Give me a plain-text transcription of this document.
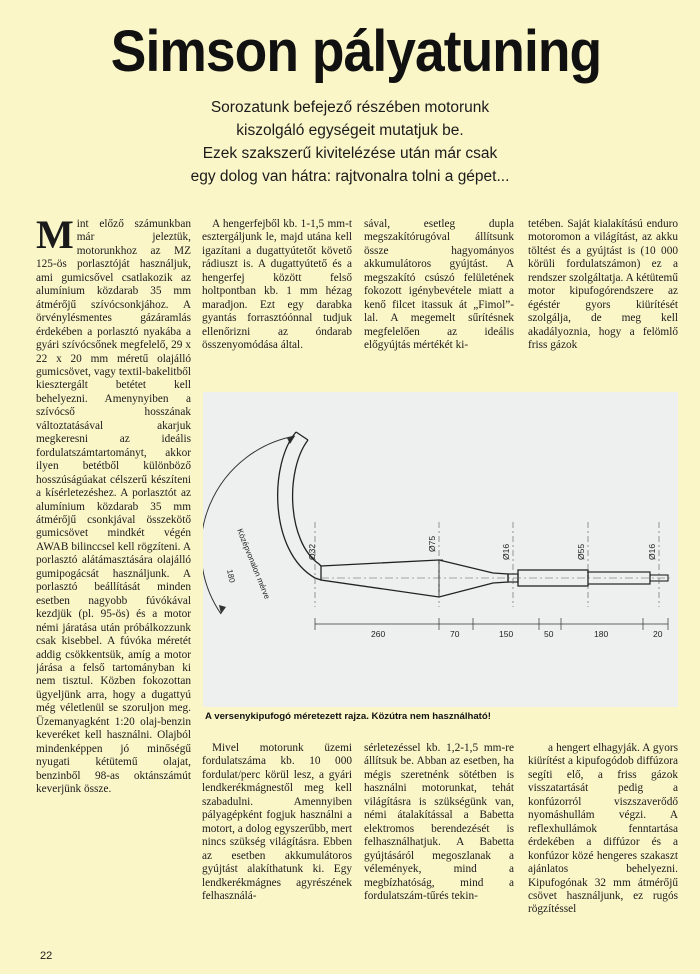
Simson pályatuning
Sorozatunk befejező részében motorunk
kiszolgáló egységeit mutatjuk be.
Ezek szakszerű kivitelézése után már csak
egy dolog van hátra: rajtvonalra tolni a gépet...

Mint előző számunkban már jeleztük, motorunkhoz az MZ 125-ös porlasztóját használjuk, ami gumicsővel csatlakozik az alumínium közdarab 35 mm átmérőjű szívócsonkjához. A örvénylésmentes gázáramlás érdekében a porlasztó nyakába a gyári szívócsőnek megfelelő, 29 x 22 x 20 mm méretű olajálló gumicsövet, vagy textil-bakelitből kiesztergált betétet kell behelyezni. Amenynyiben a szívócső hosszának változtatásával akarjuk megkeresni az ideális fordulatszámtartományt, akkor ilyen betétből különböző hosszúságúakat célszerű készíteni a kísérletezéshez. A porlasztót az alumínium közdarab 35 mm átmérőjű csonkjával összekötő gumicsövet mindkét végén AWAB bilinccsel kell rögzíteni. A porlasztó alátámasztására olajálló gumipogácsát használjunk. A porlasztó beállítását minden esetben nagyobb fúvókával kezdjük (pl. 95-ös) és a motor némi járatása után próbálkozzunk csak kisebbel. A fúvóka méretét addig csökkentsük, amíg a motor járása a felső tartományban ki nem tisztul. Közben fokozottan ügyeljünk arra, hogy a dugattyú még véletlenül se szoruljon meg. Üzemanyagként 1:20 olaj-benzin keveréket kell használni. Olajból mindenképpen jó minőségű nyugati kétütemű olajat, benzinből 98-as oktánszámút keverjünk össze.

A hengerfejből kb. 1-1,5 mm-t esztergáljunk le, majd utána kell igazítani a dugattyútetőt követő rádiuszt is. A dugattyútető és a hengerfej között felső holtpontban kb. 1 mm hézag maradjon. Ezt egy darabka gyantás forrasztóónnal tudjuk ellenőrizni az óndarab összenyomódása által.

sával, esetleg dupla megszakítórugóval állítsunk össze hagyományos akkumulátoros gyújtást. A megszakító csúszó felületének fokozott igénybevétele miatt a kenő filcet itassuk át „Fimol”-lal. A megemelt sűrítésnek megfelelően az ideális előgyújtás mértékét ki-

tetében. Saját kialakítású enduro motoromon a világítást, az akku töltést és a gyújtást is (10 000 körüli fordulatszámon) ez a rendszer szolgáltatja. A kétütemű motor kipufogórendszere az égéstér gyors kiürítését szolgálja, de meg kell akadályoznia, hogy a felömlő friss gázok

Középvonalon mérve
180
Ø32	Ø75	Ø16	Ø55	Ø16
260	70	150	50	180	20

A versenykipufogó méretezett rajza. Közútra nem használható!

Mivel motorunk üzemi fordulatszáma kb. 10 000 fordulat/perc körül lesz, a gyári lendkerékmágnestől meg kell szabadulni. Amennyiben pályagépként fogjuk használni a motort, a dolog egyszerűbb, mert nincs szükség világításra. Ebben az esetben akkumulátoros gyújtást alakíthatunk ki. Egy lendkerékmágnes agyrészének felhasználá-

sérletezéssel kb. 1,2-1,5 mm-re állítsuk be. Abban az esetben, ha mégis szeretnénk sötétben is használni motorunkat, tehát világításra is szükségünk van, némi átalakítással a Babetta elektromos berendezését is felhasználhatjuk. A Babetta gyújtásáról megoszlanak a vélemények, mind a megbízhatóság, mind a fordulatszám-tűrés tekin-

a hengert elhagyják. A gyors kiürítést a kipufogódob diffúzora segíti elő, a friss gázok visszatartását pedig a konfúzorról viszszaverődő nyomáshullám végzi. A reflexhullámok fenntartása érdekében a diffúzor és a konfúzor közé hengeres szakaszt ajánlatos behelyezni. Kipufogónak 32 mm átmérőjű csövet használjunk, ez rugós rögzítéssel

22
